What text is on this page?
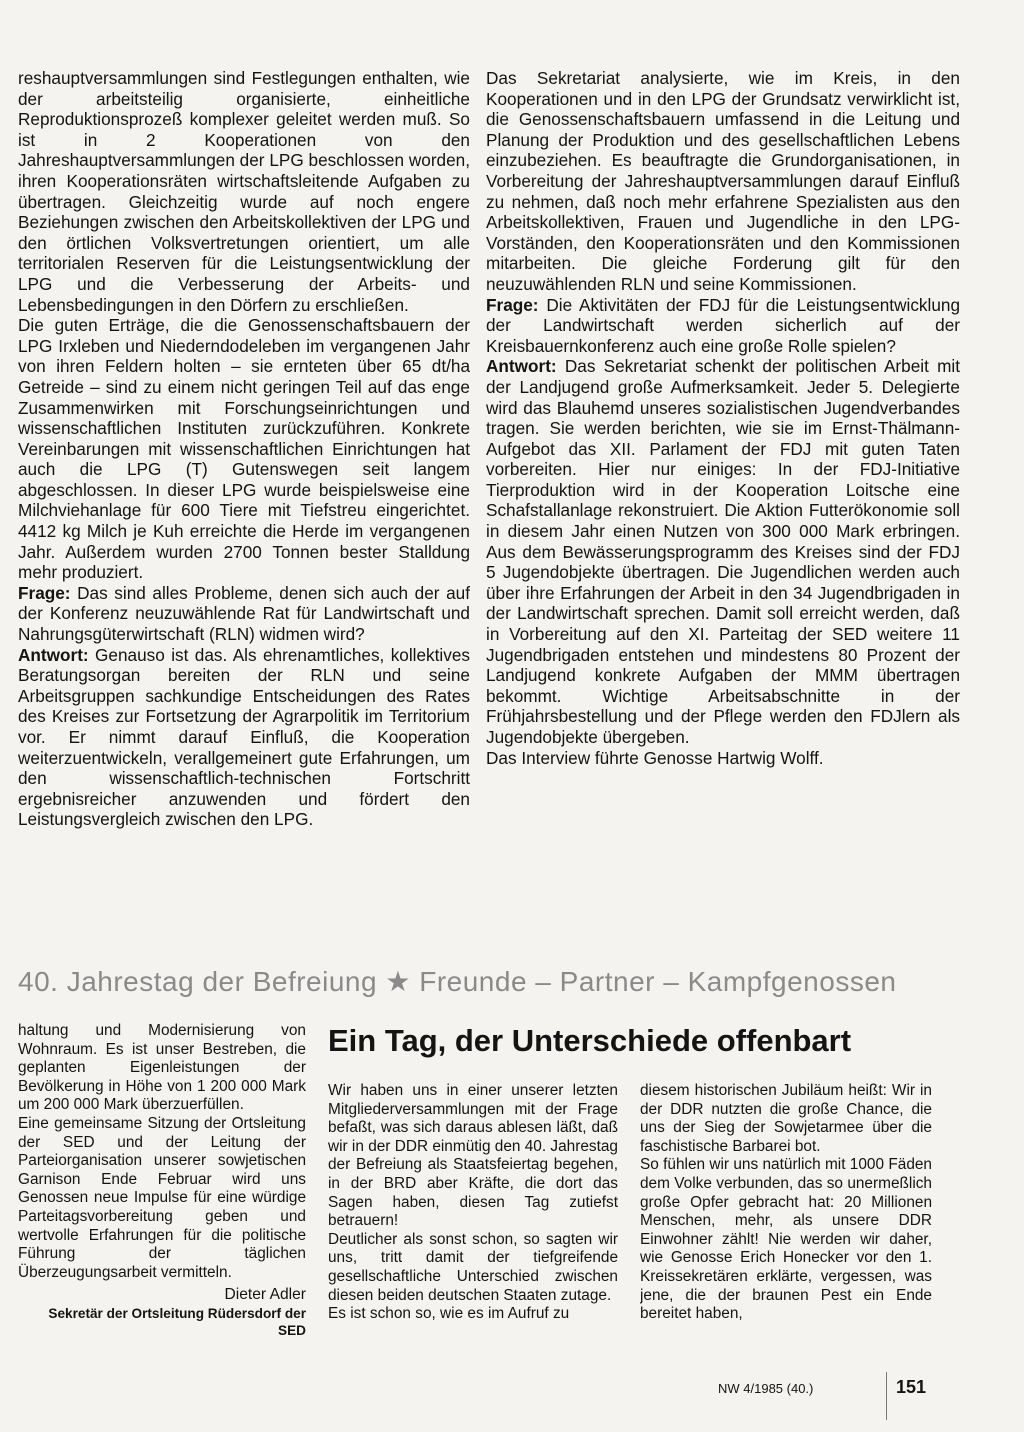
reshauptversammlungen sind Festlegungen enthalten, wie der arbeitsteilig organisierte, einheitliche Reproduktionsprozeß komplexer geleitet werden muß. So ist in 2 Kooperationen von den Jahreshauptversammlungen der LPG beschlossen worden, ihren Kooperationsräten wirtschaftsleitende Aufgaben zu übertragen. Gleichzeitig wurde auf noch engere Beziehungen zwischen den Arbeitskollektiven der LPG und den örtlichen Volksvertretungen orientiert, um alle territorialen Reserven für die Leistungsentwicklung der LPG und die Verbesserung der Arbeits- und Lebensbedingungen in den Dörfern zu erschließen.

Die guten Erträge, die die Genossenschaftsbauern der LPG Irxleben und Niederndodeleben im vergangenen Jahr von ihren Feldern holten – sie ernteten über 65 dt/ha Getreide – sind zu einem nicht geringen Teil auf das enge Zusammenwirken mit Forschungseinrichtungen und wissenschaftlichen Instituten zurückzuführen. Konkrete Vereinbarungen mit wissenschaftlichen Einrichtungen hat auch die LPG (T) Gutenswegen seit langem abgeschlossen. In dieser LPG wurde beispielsweise eine Milchviehanlage für 600 Tiere mit Tiefstreu eingerichtet. 4412 kg Milch je Kuh erreichte die Herde im vergangenen Jahr. Außerdem wurden 2700 Tonnen bester Stalldung mehr produziert.

Frage: Das sind alles Probleme, denen sich auch der auf der Konferenz neuzuwählende Rat für Landwirtschaft und Nahrungsgüterwirtschaft (RLN) widmen wird?

Antwort: Genauso ist das. Als ehrenamtliches, kollektives Beratungsorgan bereiten der RLN und seine Arbeitsgruppen sachkundige Entscheidungen des Rates des Kreises zur Fortsetzung der Agrarpolitik im Territorium vor. Er nimmt darauf Einfluß, die Kooperation weiterzuentwickeln, verallgemeinert gute Erfahrungen, um den wissenschaftlich-technischen Fortschritt ergebnisreicher anzuwenden und fördert den Leistungsvergleich zwischen den LPG.

Das Sekretariat analysierte, wie im Kreis, in den Kooperationen und in den LPG der Grundsatz verwirklicht ist, die Genossenschaftsbauern umfassend in die Leitung und Planung der Produktion und des gesellschaftlichen Lebens einzubeziehen. Es beauftragte die Grundorganisationen, in Vorbereitung der Jahreshauptversammlungen darauf Einfluß zu nehmen, daß noch mehr erfahrene Spezialisten aus den Arbeitskollektiven, Frauen und Jugendliche in den LPG-Vorständen, den Kooperationsräten und den Kommissionen mitarbeiten. Die gleiche Forderung gilt für den neuzuwählenden RLN und seine Kommissionen.

Frage: Die Aktivitäten der FDJ für die Leistungsentwicklung der Landwirtschaft werden sicherlich auf der Kreisbauernkonferenz auch eine große Rolle spielen?

Antwort: Das Sekretariat schenkt der politischen Arbeit mit der Landjugend große Aufmerksamkeit. Jeder 5. Delegierte wird das Blauhemd unseres sozialistischen Jugendverbandes tragen. Sie werden berichten, wie sie im Ernst-Thälmann-Aufgebot das XII. Parlament der FDJ mit guten Taten vorbereiten. Hier nur einiges: In der FDJ-Initiative Tierproduktion wird in der Kooperation Loitsche eine Schafstallanlage rekonstruiert. Die Aktion Futterökonomie soll in diesem Jahr einen Nutzen von 300 000 Mark erbringen. Aus dem Bewässerungsprogramm des Kreises sind der FDJ 5 Jugendobjekte übertragen. Die Jugendlichen werden auch über ihre Erfahrungen der Arbeit in den 34 Jugendbrigaden in der Landwirtschaft sprechen. Damit soll erreicht werden, daß in Vorbereitung auf den XI. Parteitag der SED weitere 11 Jugendbrigaden entstehen und mindestens 80 Prozent der Landjugend konkrete Aufgaben der MMM übertragen bekommt. Wichtige Arbeitsabschnitte in der Frühjahrsbestellung und der Pflege werden den FDJlern als Jugendobjekte übergeben.

Das Interview führte Genosse Hartwig Wolff.

40. Jahrestag der Befreiung ★ Freunde – Partner – Kampfgenossen

haltung und Modernisierung von Wohnraum. Es ist unser Bestreben, die geplanten Eigenleistungen der Bevölkerung in Höhe von 1 200 000 Mark um 200 000 Mark überzuerfüllen.

Eine gemeinsame Sitzung der Ortsleitung der SED und der Leitung der Parteiorganisation unserer sowjetischen Garnison Ende Februar wird uns Genossen neue Impulse für eine würdige Parteitagsvorbereitung geben und wertvolle Erfahrungen für die politische Führung der täglichen Überzeugungsarbeit vermitteln.

Dieter Adler

Sekretär der Ortsleitung Rüdersdorf der SED

Ein Tag, der Unterschiede offenbart

Wir haben uns in einer unserer letzten Mitgliederversammlungen mit der Frage befaßt, was sich daraus ablesen läßt, daß wir in der DDR einmütig den 40. Jahrestag der Befreiung als Staatsfeiertag begehen, in der BRD aber Kräfte, die dort das Sagen haben, diesen Tag zutiefst betrauern!

Deutlicher als sonst schon, so sagten wir uns, tritt damit der tiefgreifende gesellschaftliche Unterschied zwischen diesen beiden deutschen Staaten zutage.

Es ist schon so, wie es im Aufruf zu

diesem historischen Jubiläum heißt: Wir in der DDR nutzten die große Chance, die uns der Sieg der Sowjetarmee über die faschistische Barbarei bot.

So fühlen wir uns natürlich mit 1000 Fäden dem Volke verbunden, das so unermeßlich große Opfer gebracht hat: 20 Millionen Menschen, mehr, als unsere DDR Einwohner zählt! Nie werden wir daher, wie Genosse Erich Honecker vor den 1. Kreissekretären erklärte, vergessen, was jene, die der braunen Pest ein Ende bereitet haben,

NW 4/1985 (40.)	151
